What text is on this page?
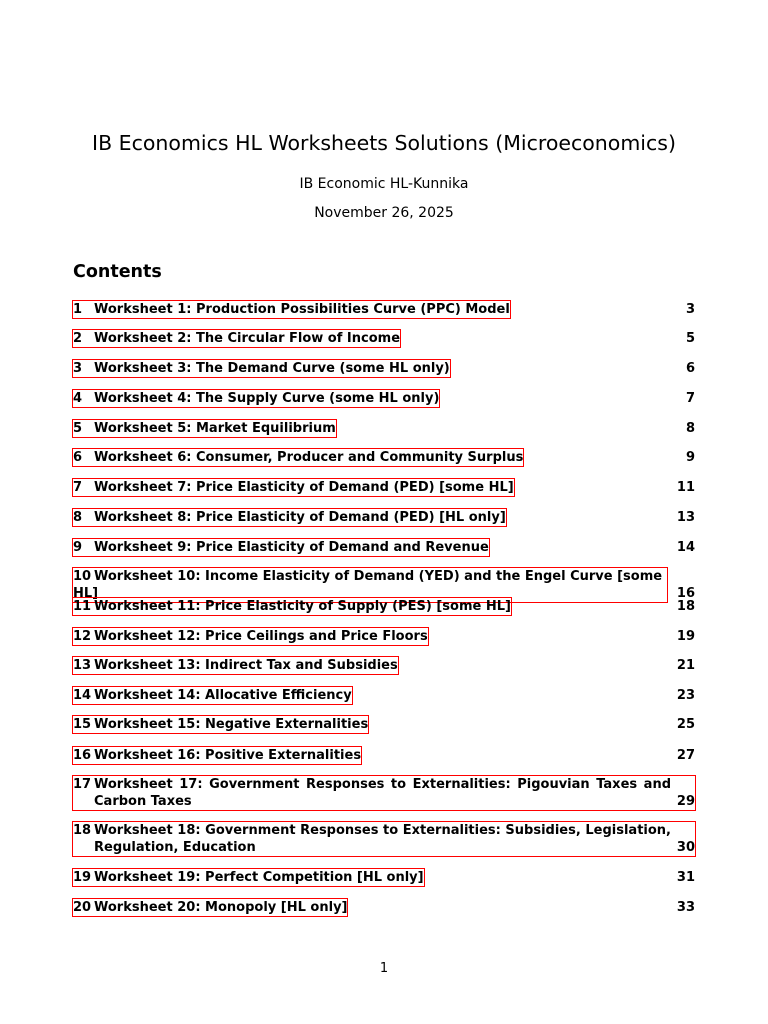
IB Economics HL Worksheets Solutions (Microeconomics)
IB Economic HL-Kunnika
November 26, 2025
Contents
1 Worksheet 1: Production Possibilities Curve (PPC) Model	3
2 Worksheet 2: The Circular Flow of Income	5
3 Worksheet 3: The Demand Curve (some HL only)	6
4 Worksheet 4: The Supply Curve (some HL only)	7
5 Worksheet 5: Market Equilibrium	8
6 Worksheet 6: Consumer, Producer and Community Surplus	9
7 Worksheet 7: Price Elasticity of Demand (PED) [some HL]	11
8 Worksheet 8: Price Elasticity of Demand (PED) [HL only]	13
9 Worksheet 9: Price Elasticity of Demand and Revenue	14
10 Worksheet 10: Income Elasticity of Demand (YED) and the Engel Curve [some HL]	16
11 Worksheet 11: Price Elasticity of Supply (PES) [some HL]	18
12 Worksheet 12: Price Ceilings and Price Floors	19
13 Worksheet 13: Indirect Tax and Subsidies	21
14 Worksheet 14: Allocative Efficiency	23
15 Worksheet 15: Negative Externalities	25
16 Worksheet 16: Positive Externalities	27
17 Worksheet 17: Government Responses to Externalities: Pigouvian Taxes and Carbon Taxes	29
18 Worksheet 18: Government Responses to Externalities: Subsidies, Legislation, Regulation, Education	30
19 Worksheet 19: Perfect Competition [HL only]	31
20 Worksheet 20: Monopoly [HL only]	33
1
